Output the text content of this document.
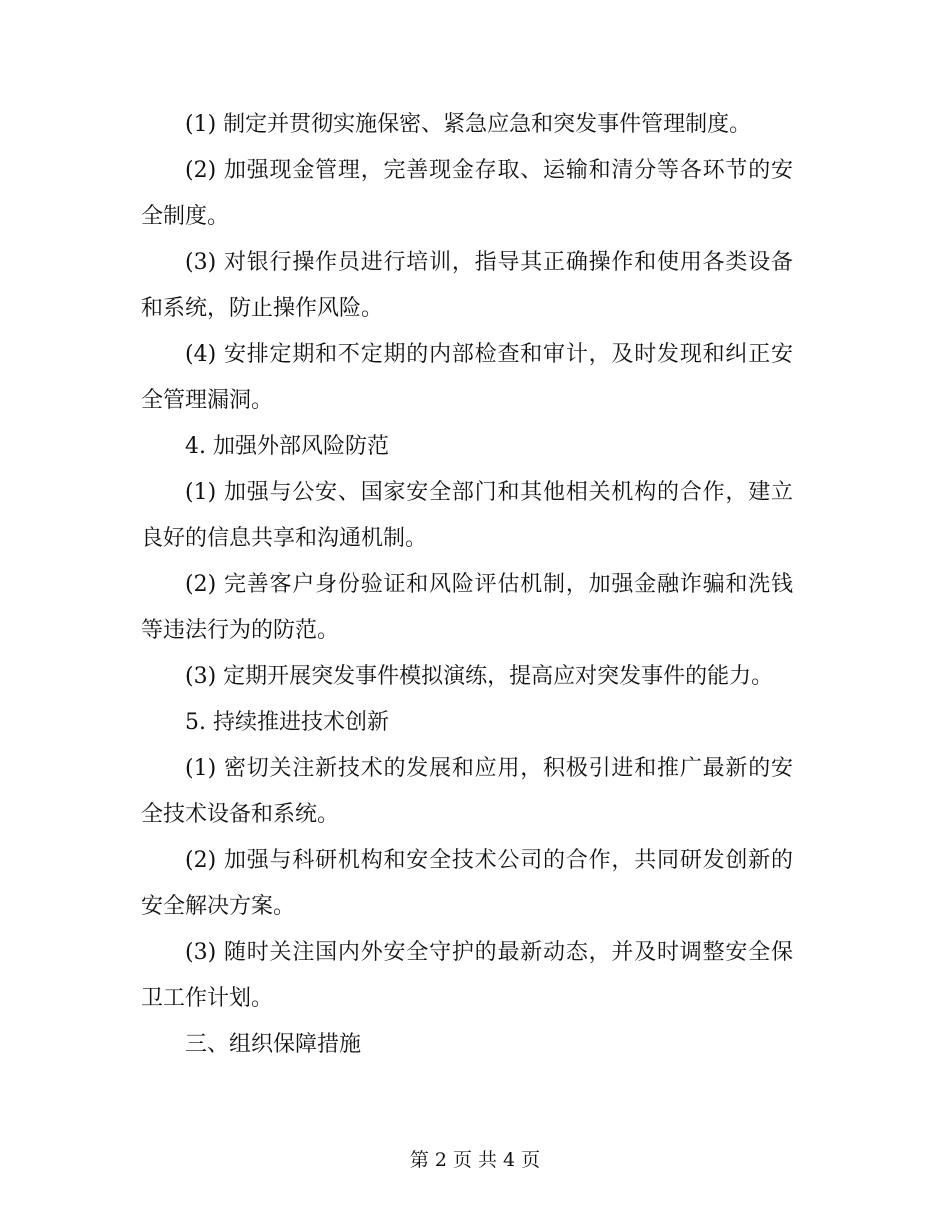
(1) 制定并贯彻实施保密、紧急应急和突发事件管理制度。

(2) 加强现金管理，完善现金存取、运输和清分等各环节的安全制度。

(3) 对银行操作员进行培训，指导其正确操作和使用各类设备和系统，防止操作风险。

(4) 安排定期和不定期的内部检查和审计，及时发现和纠正安全管理漏洞。

4. 加强外部风险防范

(1) 加强与公安、国家安全部门和其他相关机构的合作，建立良好的信息共享和沟通机制。

(2) 完善客户身份验证和风险评估机制，加强金融诈骗和洗钱等违法行为的防范。

(3) 定期开展突发事件模拟演练，提高应对突发事件的能力。

5. 持续推进技术创新

(1) 密切关注新技术的发展和应用，积极引进和推广最新的安全技术设备和系统。

(2) 加强与科研机构和安全技术公司的合作，共同研发创新的安全解决方案。

(3) 随时关注国内外安全守护的最新动态，并及时调整安全保卫工作计划。

三、组织保障措施

第 2 页 共 4 页
